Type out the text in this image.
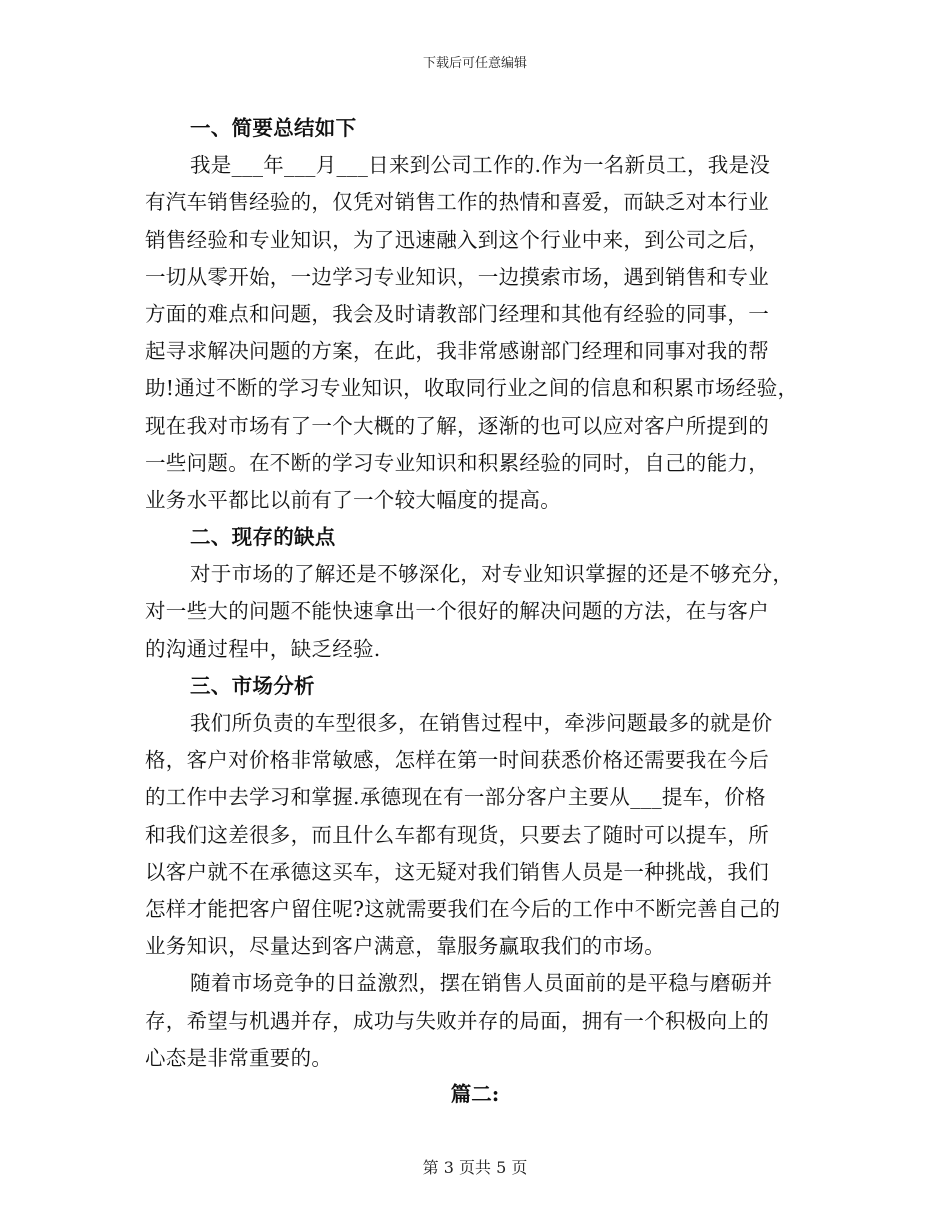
下载后可任意编辑
一、简要总结如下
我是___年___月___日来到公司工作的.作为一名新员工，我是没
有汽车销售经验的，仅凭对销售工作的热情和喜爱，而缺乏对本行业
销售经验和专业知识，为了迅速融入到这个行业中来，到公司之后，
一切从零开始，一边学习专业知识，一边摸索市场，遇到销售和专业
方面的难点和问题，我会及时请教部门经理和其他有经验的同事，一
起寻求解决问题的方案，在此，我非常感谢部门经理和同事对我的帮
助!通过不断的学习专业知识，收取同行业之间的信息和积累市场经验，
现在我对市场有了一个大概的了解，逐渐的也可以应对客户所提到的
一些问题。在不断的学习专业知识和积累经验的同时，自己的能力，
业务水平都比以前有了一个较大幅度的提高。
二、现存的缺点
对于市场的了解还是不够深化，对专业知识掌握的还是不够充分，
对一些大的问题不能快速拿出一个很好的解决问题的方法，在与客户
的沟通过程中，缺乏经验.
三、市场分析
我们所负责的车型很多，在销售过程中，牵涉问题最多的就是价
格，客户对价格非常敏感，怎样在第一时间获悉价格还需要我在今后
的工作中去学习和掌握.承德现在有一部分客户主要从___提车，价格
和我们这差很多，而且什么车都有现货，只要去了随时可以提车，所
以客户就不在承德这买车，这无疑对我们销售人员是一种挑战，我们
怎样才能把客户留住呢?这就需要我们在今后的工作中不断完善自己的
业务知识，尽量达到客户满意，靠服务赢取我们的市场。
随着市场竞争的日益激烈，摆在销售人员面前的是平稳与磨砺并
存，希望与机遇并存，成功与失败并存的局面，拥有一个积极向上的
心态是非常重要的。
篇二:
第 3 页共 5 页
